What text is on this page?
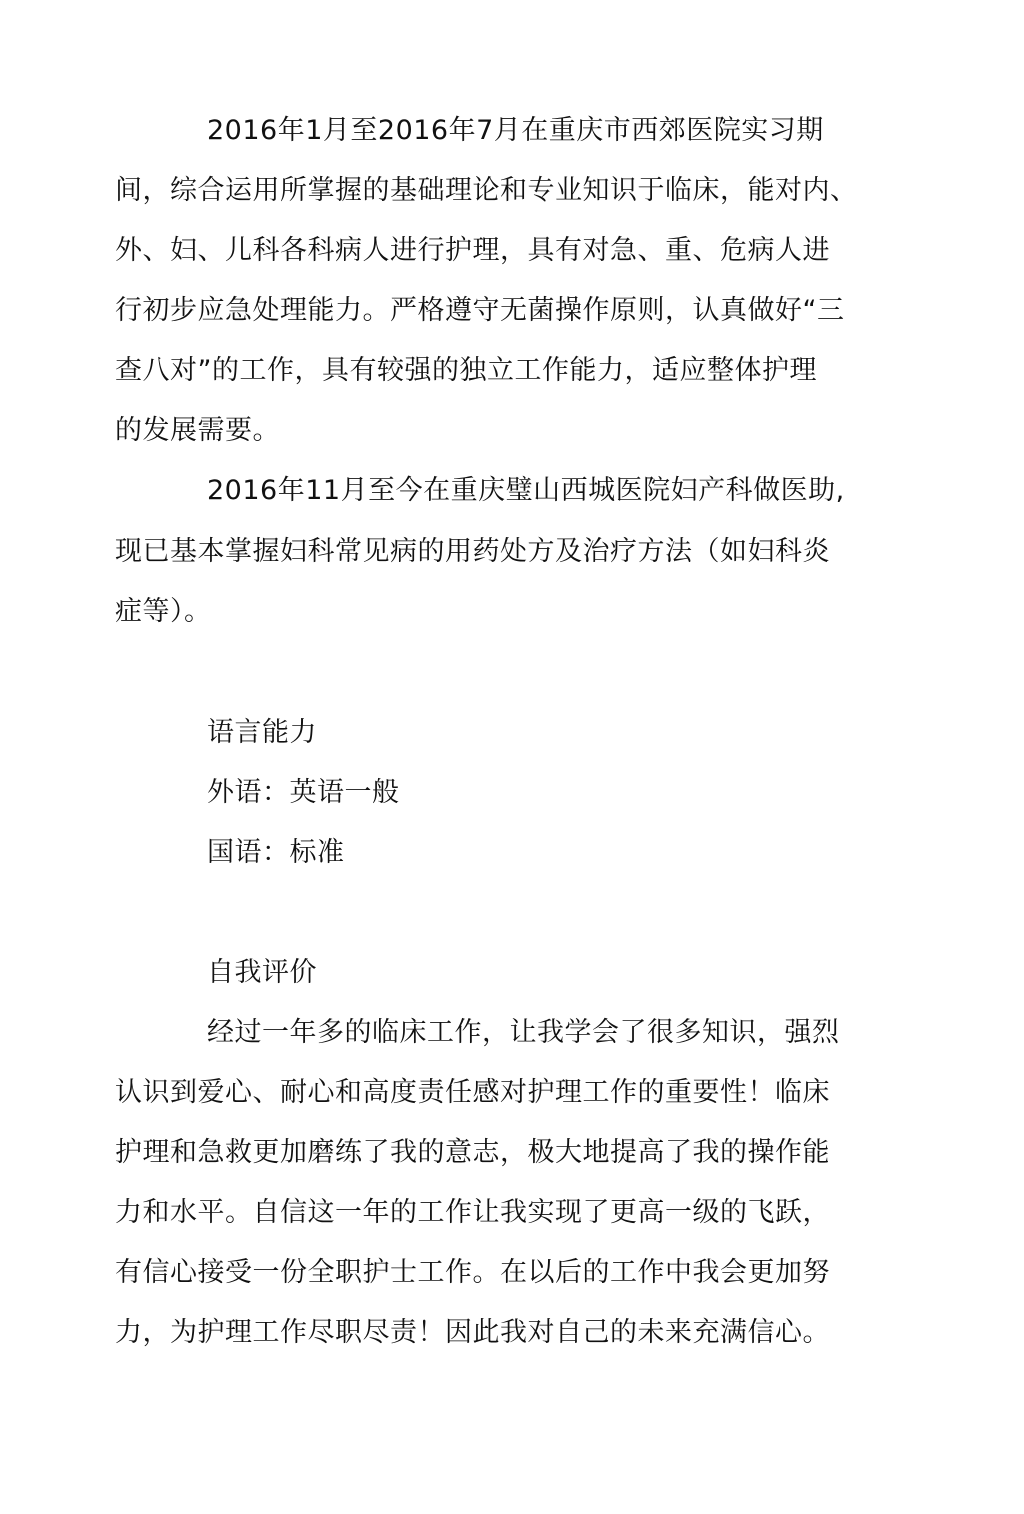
2016年1月至2016年7月在重庆市西郊医院实习期
间，综合运用所掌握的基础理论和专业知识于临床，能对内、
外、妇、儿科各科病人进行护理，具有对急、重、危病人进
行初步应急处理能力。严格遵守无菌操作原则，认真做好“三
查八对”的工作，具有较强的独立工作能力，适应整体护理
的发展需要。
2016年11月至今在重庆璧山西城医院妇产科做医助,
现已基本掌握妇科常见病的用药处方及治疗方法（如妇科炎
症等）。
语言能力
外语：英语一般
国语：标准
自我评价
经过一年多的临床工作，让我学会了很多知识，强烈
认识到爱心、耐心和高度责任感对护理工作的重要性！临床
护理和急救更加磨练了我的意志，极大地提高了我的操作能
力和水平。自信这一年的工作让我实现了更高一级的飞跃，
有信心接受一份全职护士工作。在以后的工作中我会更加努
力，为护理工作尽职尽责！因此我对自己的未来充满信心。
